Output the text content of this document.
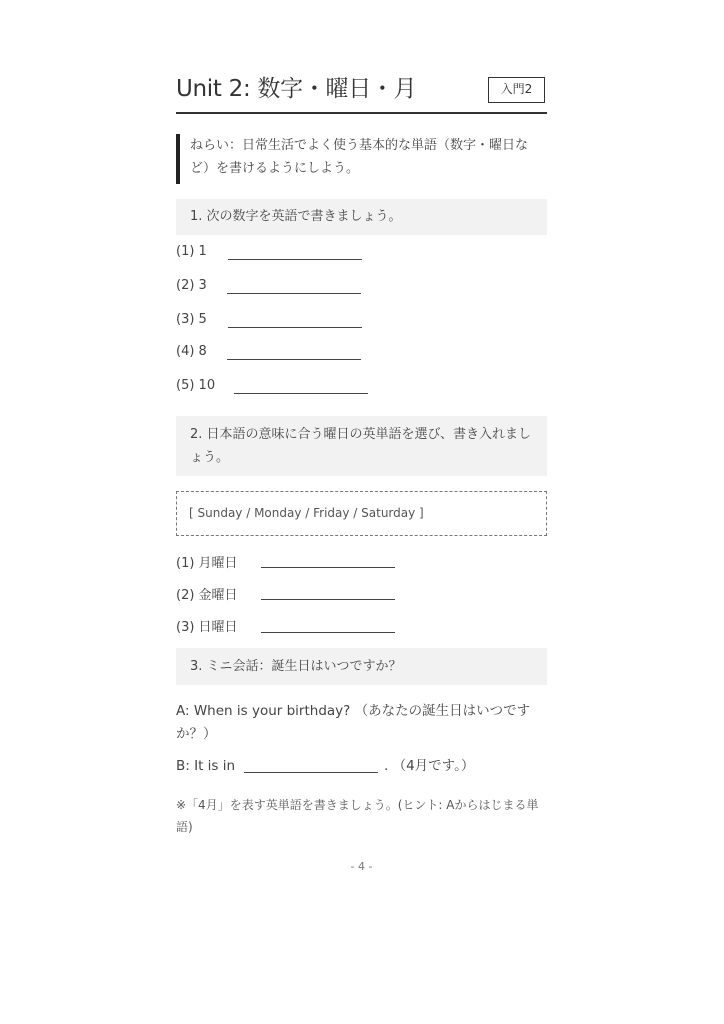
Unit 2: 数字・曜日・月	入門2
ねらい：日常生活でよく使う基本的な単語（数字・曜日など）を書けるようにしよう。
1. 次の数字を英語で書きましょう。
(1) 1
(2) 3
(3) 5
(4) 8
(5) 10
2. 日本語の意味に合う曜日の英単語を選び、書き入れましょう。
[ Sunday / Monday / Friday / Saturday ]
(1) 月曜日
(2) 金曜日
(3) 日曜日
3. ミニ会話：誕生日はいつですか？
A: When is your birthday? （あなたの誕生日はいつですか？）
B: It is in	. （4月です。）
※「4月」を表す英単語を書きましょう。(ヒント: Aからはじまる単語)
- 4 -
